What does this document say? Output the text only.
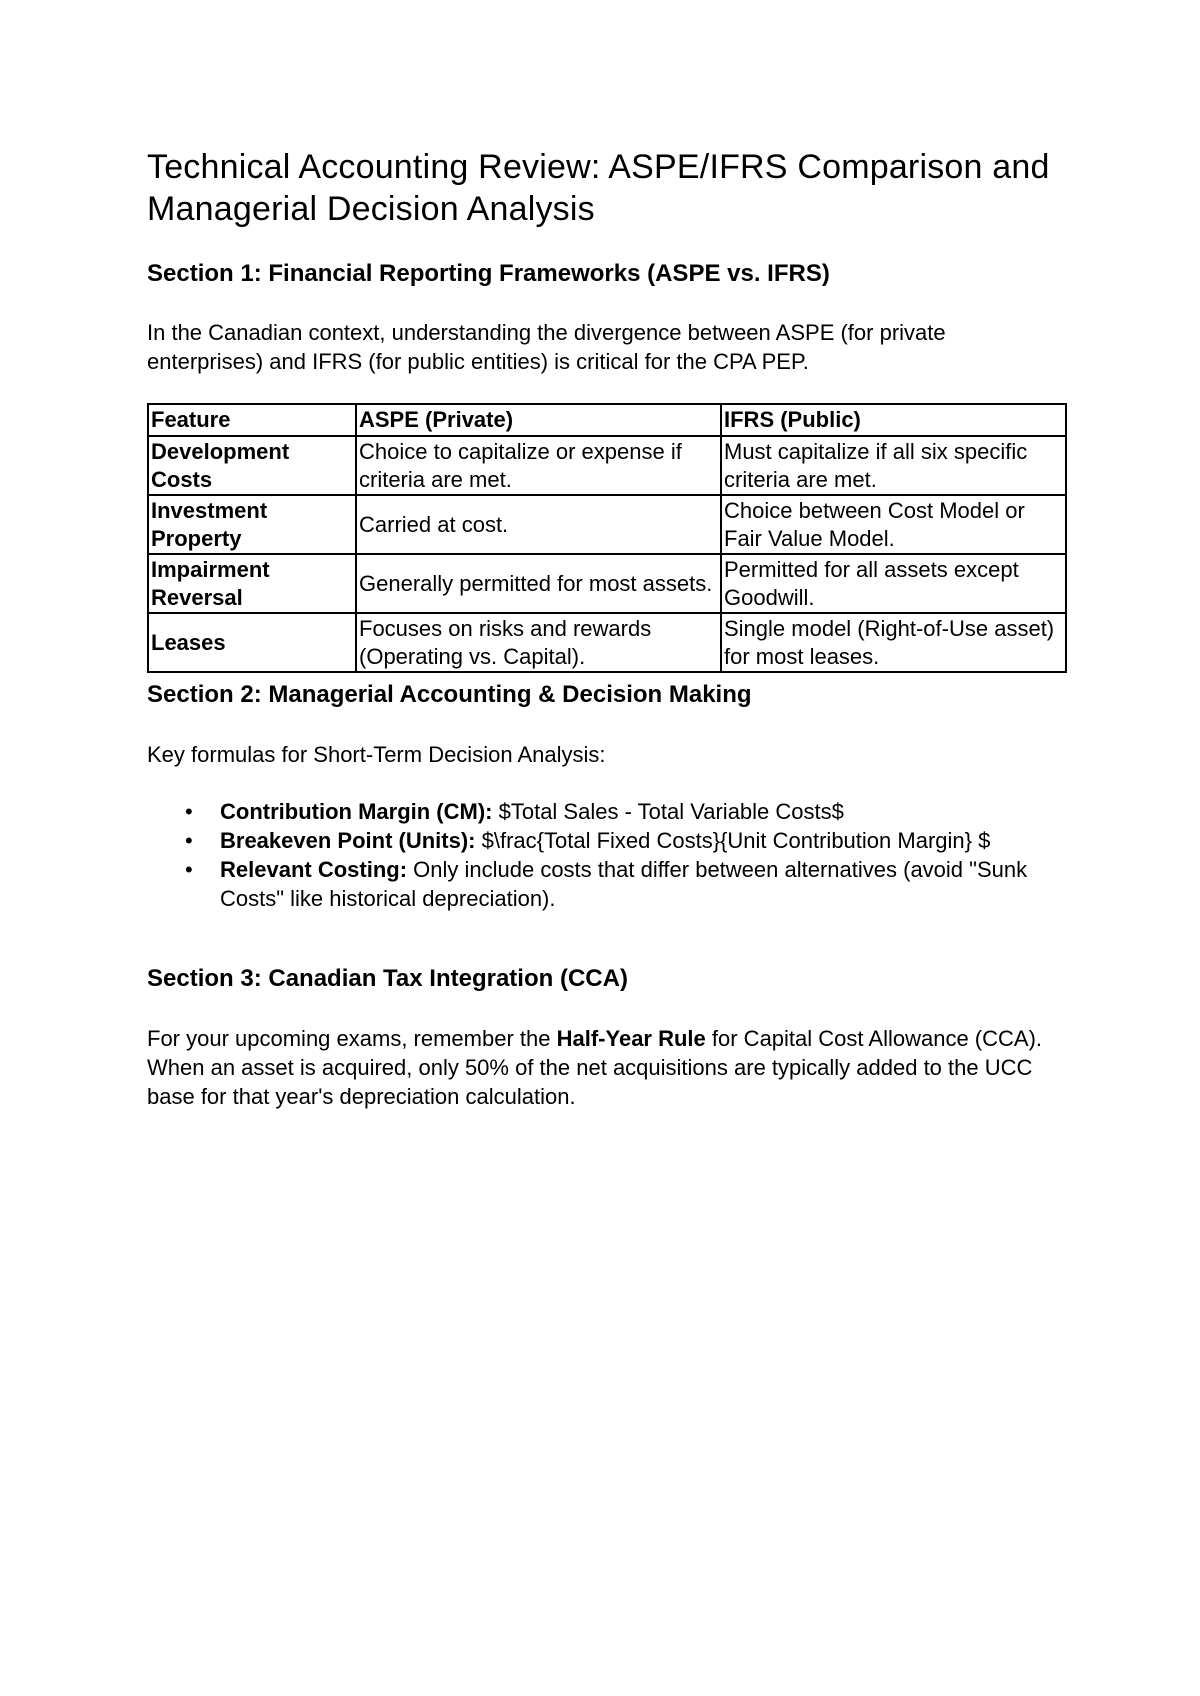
Technical Accounting Review: ASPE/IFRS Comparison and Managerial Decision Analysis
Section 1: Financial Reporting Frameworks (ASPE vs. IFRS)

In the Canadian context, understanding the divergence between ASPE (for private enterprises) and IFRS (for public entities) is critical for the CPA PEP.

Feature	ASPE (Private)	IFRS (Public)
Development Costs	Choice to capitalize or expense if criteria are met.	Must capitalize if all six specific criteria are met.
Investment Property	Carried at cost.	Choice between Cost Model or Fair Value Model.
Impairment Reversal	Generally permitted for most assets.	Permitted for all assets except Goodwill.
Leases	Focuses on risks and rewards (Operating vs. Capital).	Single model (Right-of-Use asset) for most leases.
Section 2: Managerial Accounting & Decision Making

Key formulas for Short-Term Decision Analysis:

• Contribution Margin (CM): $Total Sales - Total Variable Costs$
• Breakeven Point (Units): $\frac{Total Fixed Costs}{Unit Contribution Margin} $
• Relevant Costing: Only include costs that differ between alternatives (avoid "Sunk Costs" like historical depreciation).
Section 3: Canadian Tax Integration (CCA)

For your upcoming exams, remember the Half-Year Rule for Capital Cost Allowance (CCA). When an asset is acquired, only 50% of the net acquisitions are typically added to the UCC base for that year's depreciation calculation.
